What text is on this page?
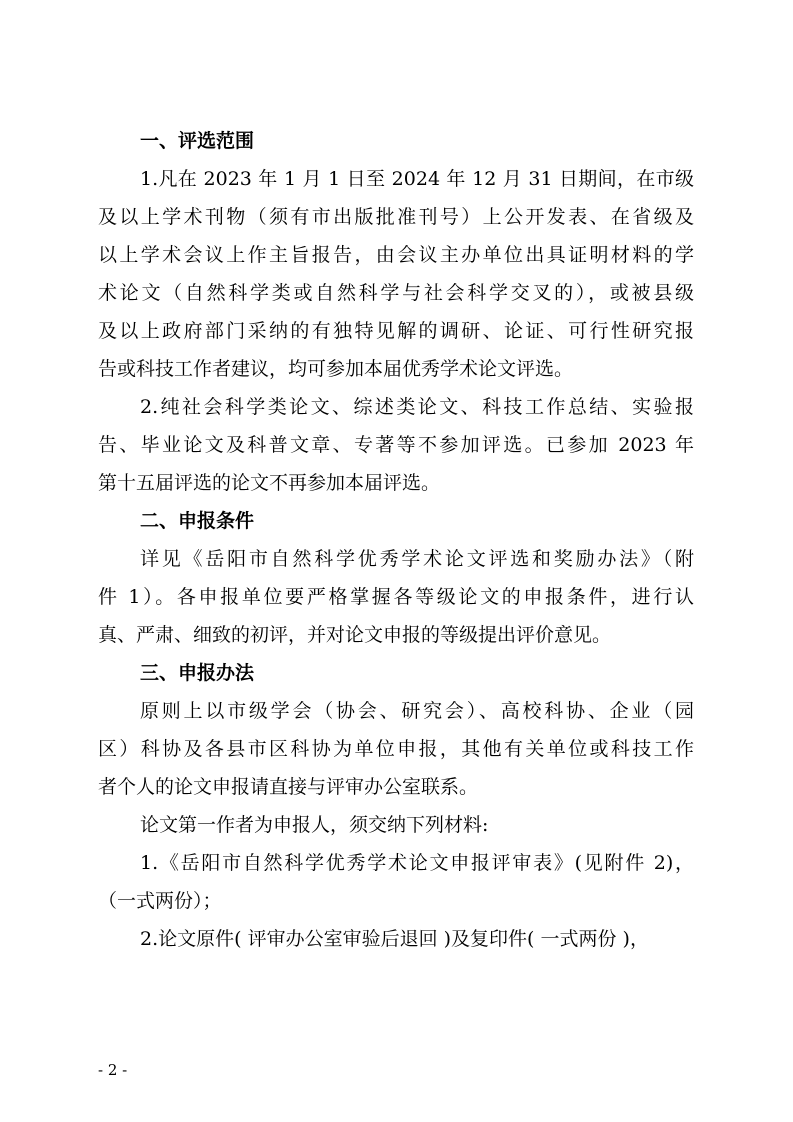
一、评选范围
1.凡在 2023 年 1 月 1 日至 2024 年 12 月 31 日期间，在市级
及以上学术刊物（须有市出版批准刊号）上公开发表、在省级及
以上学术会议上作主旨报告，由会议主办单位出具证明材料的学
术论文（自然科学类或自然科学与社会科学交叉的），或被县级
及以上政府部门采纳的有独特见解的调研、论证、可行性研究报
告或科技工作者建议，均可参加本届优秀学术论文评选。
2.纯社会科学类论文、综述类论文、科技工作总结、实验报
告、毕业论文及科普文章、专著等不参加评选。已参加 2023 年
第十五届评选的论文不再参加本届评选。
二、申报条件
详见《岳阳市自然科学优秀学术论文评选和奖励办法》（附
件 1）。各申报单位要严格掌握各等级论文的申报条件，进行认
真、严肃、细致的初评，并对论文申报的等级提出评价意见。
三、申报办法
原则上以市级学会（协会、研究会）、高校科协、企业（园
区）科协及各县市区科协为单位申报，其他有关单位或科技工作
者个人的论文申报请直接与评审办公室联系。
论文第一作者为申报人，须交纳下列材料:
1.《岳阳市自然科学优秀学术论文申报评审表》(见附件 2)，
（一式两份）；
2.论文原件( 评审办公室审验后退回 )及复印件( 一式两份 )，
- 2 -
